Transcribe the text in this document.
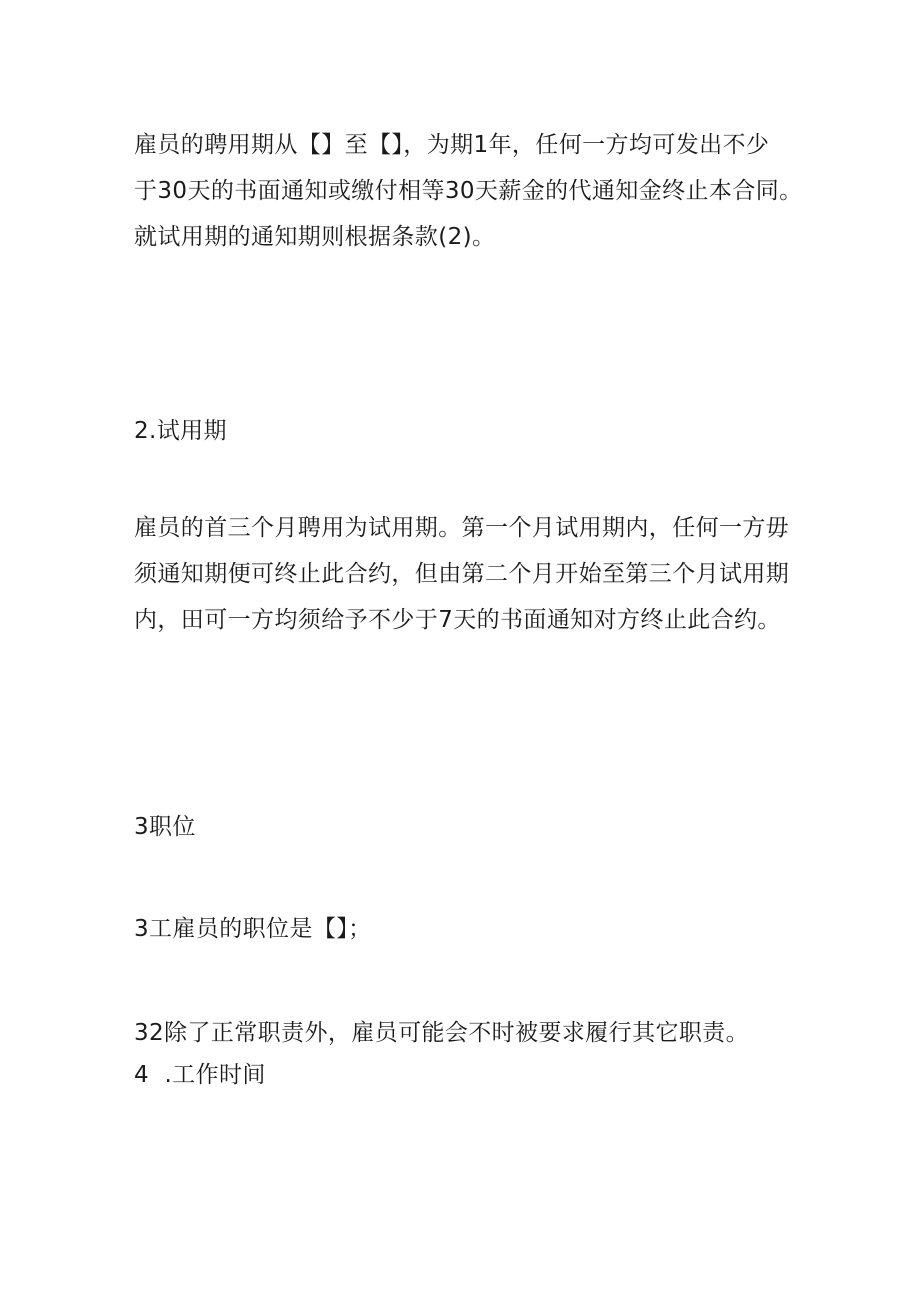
雇员的聘用期从【】至【】，为期1年，任何一方均可发出不少
于30天的书面通知或缴付相等30天薪金的代通知金终止本合同。
就试用期的通知期则根据条款(2)。
2.试用期
雇员的首三个月聘用为试用期。第一个月试用期内，任何一方毋
须通知期便可终止此合约，但由第二个月开始至第三个月试用期
内，田可一方均须给予不少于7天的书面通知对方终止此合约。
3职位
3工雇员的职位是【】；
32除了正常职责外，雇员可能会不时被要求履行其它职责。
4  .工作时间
